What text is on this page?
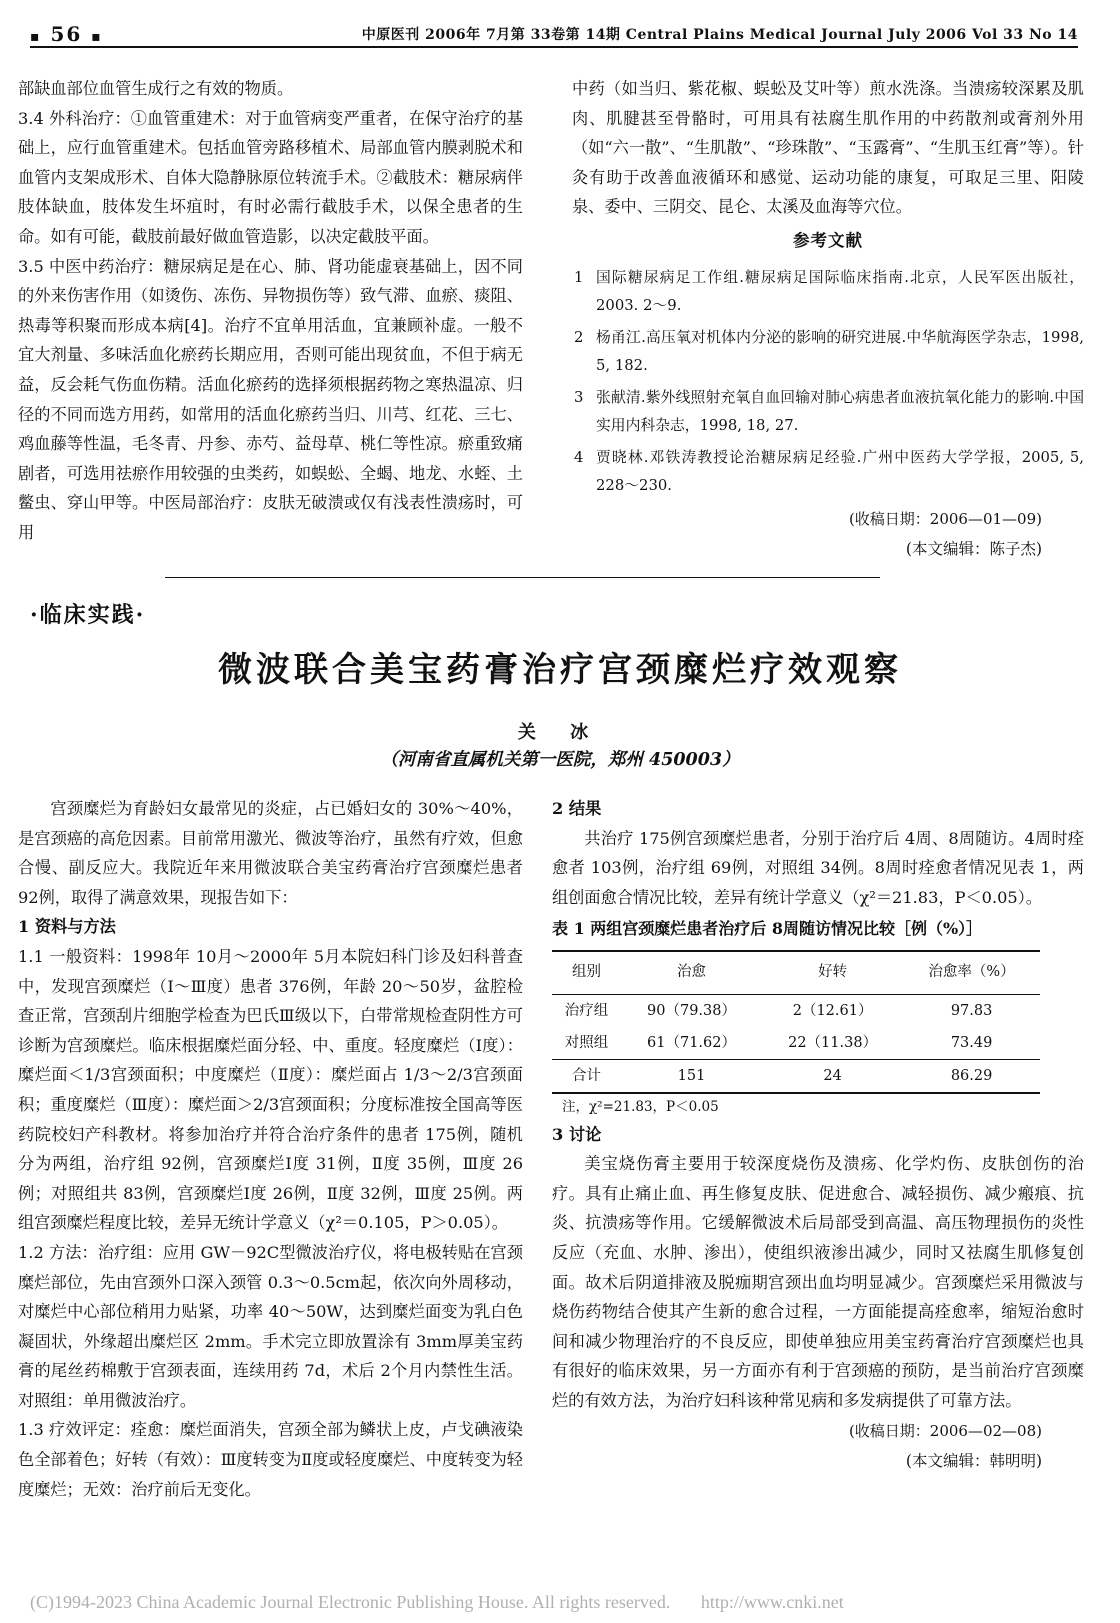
▪ 56 ▪	中原医刊 2006年 7月第 33卷第 14期 Central Plains Medical Journal July 2006 Vol 33 No 14

部缺血部位血管生成行之有效的物质。

3.4 外科治疗：①血管重建术：对于血管病变严重者，在保守治疗的基础上，应行血管重建术。包括血管旁路移植术、局部血管内膜剥脱术和血管内支架成形术、自体大隐静脉原位转流手术。②截肢术：糖尿病伴肢体缺血，肢体发生坏疽时，有时必需行截肢手术，以保全患者的生命。如有可能，截肢前最好做血管造影，以决定截肢平面。

3.5 中医中药治疗：糖尿病足是在心、肺、肾功能虚衰基础上，因不同的外来伤害作用（如烫伤、冻伤、异物损伤等）致气滞、血瘀、痰阻、热毒等积聚而形成本病[4]。治疗不宜单用活血，宜兼顾补虚。一般不宜大剂量、多味活血化瘀药长期应用，否则可能出现贫血，不但于病无益，反会耗气伤血伤精。活血化瘀药的选择须根据药物之寒热温凉、归径的不同而选方用药，如常用的活血化瘀药当归、川芎、红花、三七、鸡血藤等性温，毛冬青、丹参、赤芍、益母草、桃仁等性凉。瘀重致痛剧者，可选用祛瘀作用较强的虫类药，如蜈蚣、全蝎、地龙、水蛭、土鳖虫、穿山甲等。中医局部治疗：皮肤无破溃或仅有浅表性溃疡时，可用

中药（如当归、紫花椒、蜈蚣及艾叶等）煎水洗涤。当溃疡较深累及肌肉、肌腱甚至骨骼时，可用具有祛腐生肌作用的中药散剂或膏剂外用（如“六一散”、“生肌散”、“珍珠散”、“玉露膏”、“生肌玉红膏”等）。针灸有助于改善血液循环和感觉、运动功能的康复，可取足三里、阳陵泉、委中、三阴交、昆仑、太溪及血海等穴位。

参考文献
1 国际糖尿病足工作组.糖尿病足国际临床指南.北京，人民军医出版社，2003. 2～9.
2 杨甬江.高压氧对机体内分泌的影响的研究进展.中华航海医学杂志，1998, 5, 182.
3 张献清.紫外线照射充氧自血回输对肺心病患者血液抗氧化能力的影响.中国实用内科杂志，1998, 18, 27.
4 贾晓林.邓铁涛教授论治糖尿病足经验.广州中医药大学学报，2005, 5, 228～230.
(收稿日期：2006—01—09)
(本文编辑：陈子杰)
·临床实践·
微波联合美宝药膏治疗宫颈糜烂疗效观察
关 冰
（河南省直属机关第一医院，郑州 450003）

宫颈糜烂为育龄妇女最常见的炎症，占已婚妇女的 30%～40%，是宫颈癌的高危因素。目前常用激光、微波等治疗，虽然有疗效，但愈合慢、副反应大。我院近年来用微波联合美宝药膏治疗宫颈糜烂患者 92例，取得了满意效果，现报告如下：

1 资料与方法

1.1 一般资料：1998年 10月～2000年 5月本院妇科门诊及妇科普查中，发现宫颈糜烂（Ⅰ～Ⅲ度）患者 376例，年龄 20～50岁，盆腔检查正常，宫颈刮片细胞学检查为巴氏Ⅲ级以下，白带常规检查阴性方可诊断为宫颈糜烂。临床根据糜烂面分轻、中、重度。轻度糜烂（Ⅰ度）：糜烂面＜1/3宫颈面积；中度糜烂（Ⅱ度）：糜烂面占 1/3～2/3宫颈面积；重度糜烂（Ⅲ度）：糜烂面＞2/3宫颈面积；分度标准按全国高等医药院校妇产科教材。将参加治疗并符合治疗条件的患者 175例，随机分为两组，治疗组 92例，宫颈糜烂Ⅰ度 31例，Ⅱ度 35例，Ⅲ度 26例；对照组共 83例，宫颈糜烂Ⅰ度 26例，Ⅱ度 32例，Ⅲ度 25例。两组宫颈糜烂程度比较，差异无统计学意义（χ²＝0.105，P＞0.05）。

1.2 方法：治疗组：应用 GW－92C型微波治疗仪，将电极转贴在宫颈糜烂部位，先由宫颈外口深入颈管 0.3～0.5cm起，依次向外周移动，对糜烂中心部位稍用力贴紧，功率 40～50W，达到糜烂面变为乳白色凝固状，外缘超出糜烂区 2mm。手术完立即放置涂有 3mm厚美宝药膏的尾丝药棉敷于宫颈表面，连续用药 7d，术后 2个月内禁性生活。对照组：单用微波治疗。

1.3 疗效评定：痊愈：糜烂面消失，宫颈全部为鳞状上皮，卢戈碘液染色全部着色；好转（有效）：Ⅲ度转变为Ⅱ度或轻度糜烂、中度转变为轻度糜烂；无效：治疗前后无变化。

2 结果

共治疗 175例宫颈糜烂患者，分别于治疗后 4周、8周随访。4周时痊愈者 103例，治疗组 69例，对照组 34例。8周时痊愈者情况见表 1，两组创面愈合情况比较，差异有统计学意义（χ²＝21.83，P＜0.05）。

表 1 两组宫颈糜烂患者治疗后 8周随访情况比较［例（%）］
组别	治愈	好转	治愈率（%）
治疗组	90（79.38）	2（12.61）	97.83
对照组	61（71.62）	22（11.38）	73.49
合计	151	24	86.29
注，χ²=21.83，P＜0.05

3 讨论

美宝烧伤膏主要用于较深度烧伤及溃疡、化学灼伤、皮肤创伤的治疗。具有止痛止血、再生修复皮肤、促进愈合、减轻损伤、减少瘢痕、抗炎、抗溃疡等作用。它缓解微波术后局部受到高温、高压物理损伤的炎性反应（充血、水肿、渗出），使组织液渗出减少，同时又祛腐生肌修复创面。故术后阴道排液及脱痂期宫颈出血均明显减少。宫颈糜烂采用微波与烧伤药物结合使其产生新的愈合过程，一方面能提高痊愈率，缩短治愈时间和减少物理治疗的不良反应，即使单独应用美宝药膏治疗宫颈糜烂也具有很好的临床效果，另一方面亦有利于宫颈癌的预防，是当前治疗宫颈糜烂的有效方法，为治疗妇科该种常见病和多发病提供了可靠方法。

(收稿日期：2006—02—08)
(本文编辑：韩明明)
(C)1994-2023 China Academic Journal Electronic Publishing House. All rights reserved. http://www.cnki.net
